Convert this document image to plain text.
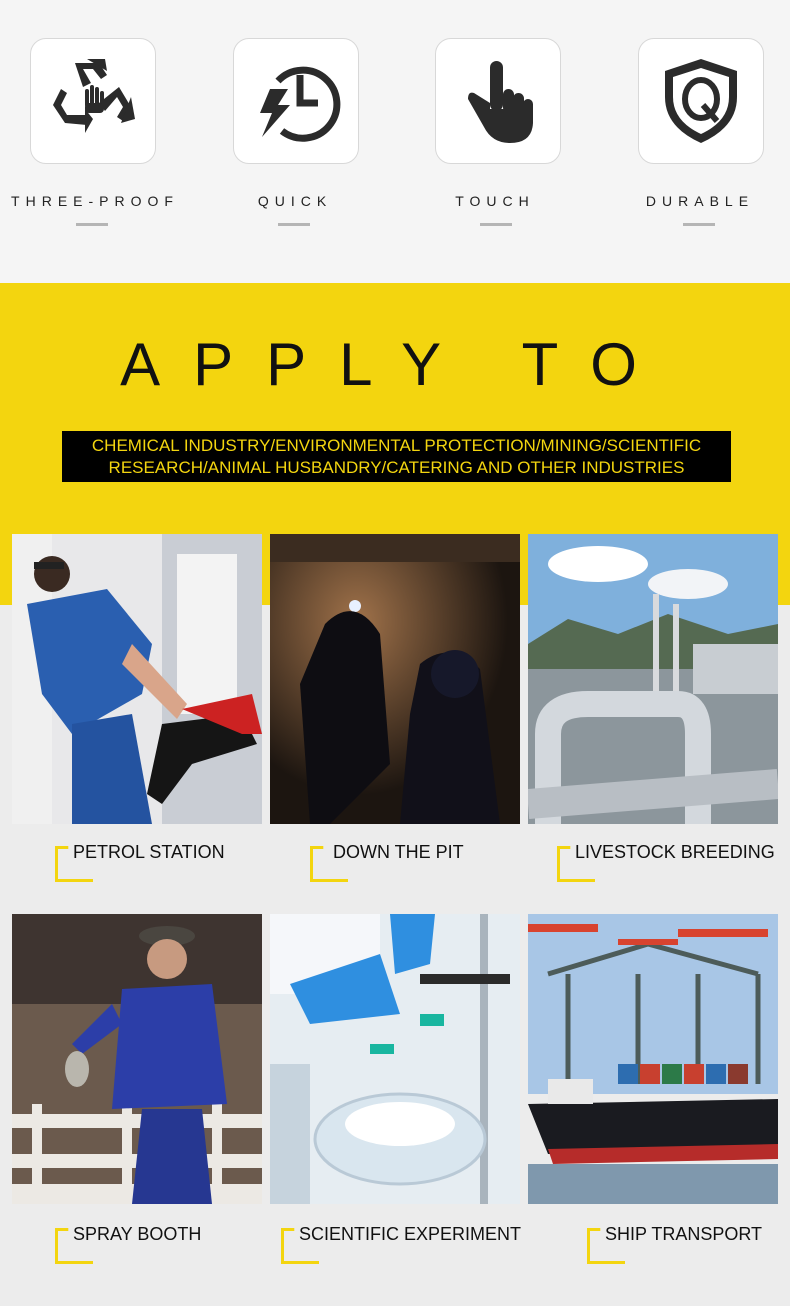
THREE-PROOF	QUICK	TOUCH	DURABLE
APPLY TO
CHEMICAL INDUSTRY/ENVIRONMENTAL PROTECTION/MINING/SCIENTIFIC
RESEARCH/ANIMAL HUSBANDRY/CATERING AND OTHER INDUSTRIES
PETROL STATION	DOWN THE PIT	LIVESTOCK BREEDING
SPRAY BOOTH	SCIENTIFIC EXPERIMENT	SHIP TRANSPORT
